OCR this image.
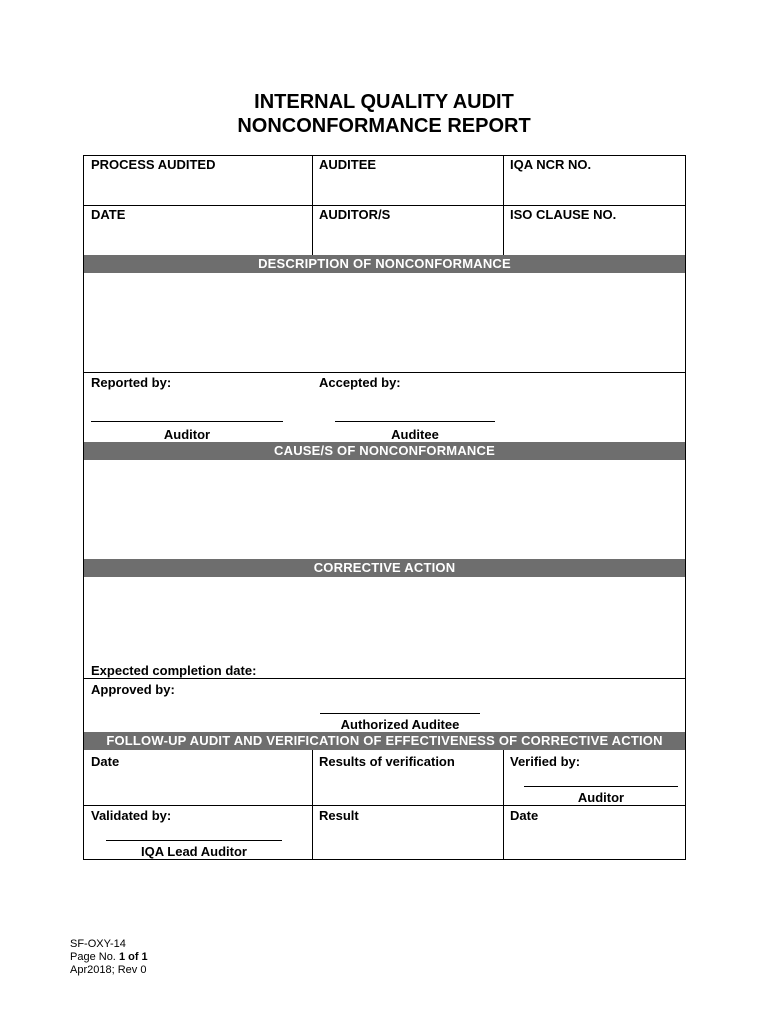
INTERNAL QUALITY AUDIT
NONCONFORMANCE REPORT
PROCESS AUDITED	AUDITEE	IQA NCR NO.
DATE	AUDITOR/S	ISO CLAUSE NO.
DESCRIPTION OF NONCONFORMANCE
Reported by:	Accepted by:
Auditor	Auditee
CAUSE/S OF NONCONFORMANCE
CORRECTIVE ACTION
Expected completion date:
Approved by:
Authorized Auditee
FOLLOW-UP AUDIT AND VERIFICATION OF EFFECTIVENESS OF CORRECTIVE ACTION
Date	Results of verification	Verified by:
Auditor
Validated by:	Result	Date
IQA Lead Auditor
SF-OXY-14
Page No. 1 of 1
Apr2018; Rev 0
